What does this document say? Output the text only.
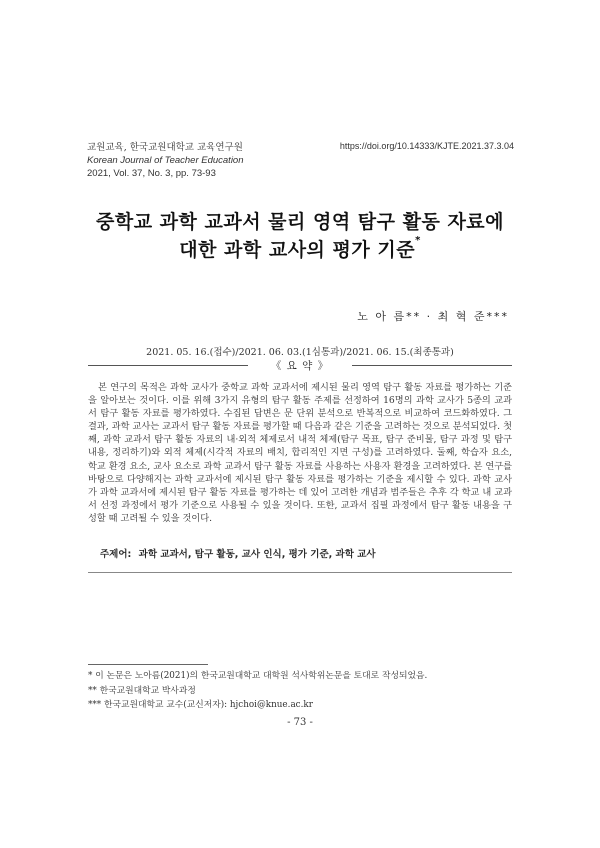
교원교육, 한국교원대학교 교육연구원
Korean Journal of Teacher Education
2021, Vol. 37, No. 3, pp. 73-93
https://doi.org/10.14333/KJTE.2021.37.3.04
중학교 과학 교과서 물리 영역 탐구 활동 자료에
대한 과학 교사의 평가 기준*
노 아 름** · 최 혁 준***
2021. 05. 16.(접수)/2021. 06. 03.(1심통과)/2021. 06. 15.(최종통과)
《 요 약 》
본 연구의 목적은 과학 교사가 중학교 과학 교과서에 제시된 물리 영역 탐구 활동 자료를 평가하는 기준을 알아보는 것이다. 이를 위해 3가지 유형의 탐구 활동 주제를 선정하여 16명의 과학 교사가 5종의 교과서 탐구 활동 자료를 평가하였다. 수집된 답변은 문 단위 분석으로 반복적으로 비교하여 코드화하였다. 그 결과, 과학 교사는 교과서 탐구 활동 자료를 평가할 때 다음과 같은 기준을 고려하는 것으로 분석되었다. 첫째, 과학 교과서 탐구 활동 자료의 내·외적 체제로서 내적 체제(탐구 목표, 탐구 준비물, 탐구 과정 및 탐구 내용, 정리하기)와 외적 체제(시각적 자료의 배치, 합리적인 지면 구성)를 고려하였다. 둘째, 학습자 요소, 학교 환경 요소, 교사 요소로 과학 교과서 탐구 활동 자료를 사용하는 사용자 환경을 고려하였다. 본 연구를 바탕으로 다양해지는 과학 교과서에 제시된 탐구 활동 자료를 평가하는 기준을 제시할 수 있다. 과학 교사가 과학 교과서에 제시된 탐구 활동 자료를 평가하는 데 있어 고려한 개념과 범주들은 추후 각 학교 내 교과서 선정 과정에서 평가 기준으로 사용될 수 있을 것이다. 또한, 교과서 집필 과정에서 탐구 활동 내용을 구성할 때 고려될 수 있을 것이다.
주제어: 과학 교과서, 탐구 활동, 교사 인식, 평가 기준, 과학 교사
* 이 논문은 노아름(2021)의 한국교원대학교 대학원 석사학위논문을 토대로 작성되었음.
** 한국교원대학교 박사과정
*** 한국교원대학교 교수(교신저자): hjchoi@knue.ac.kr
- 73 -
